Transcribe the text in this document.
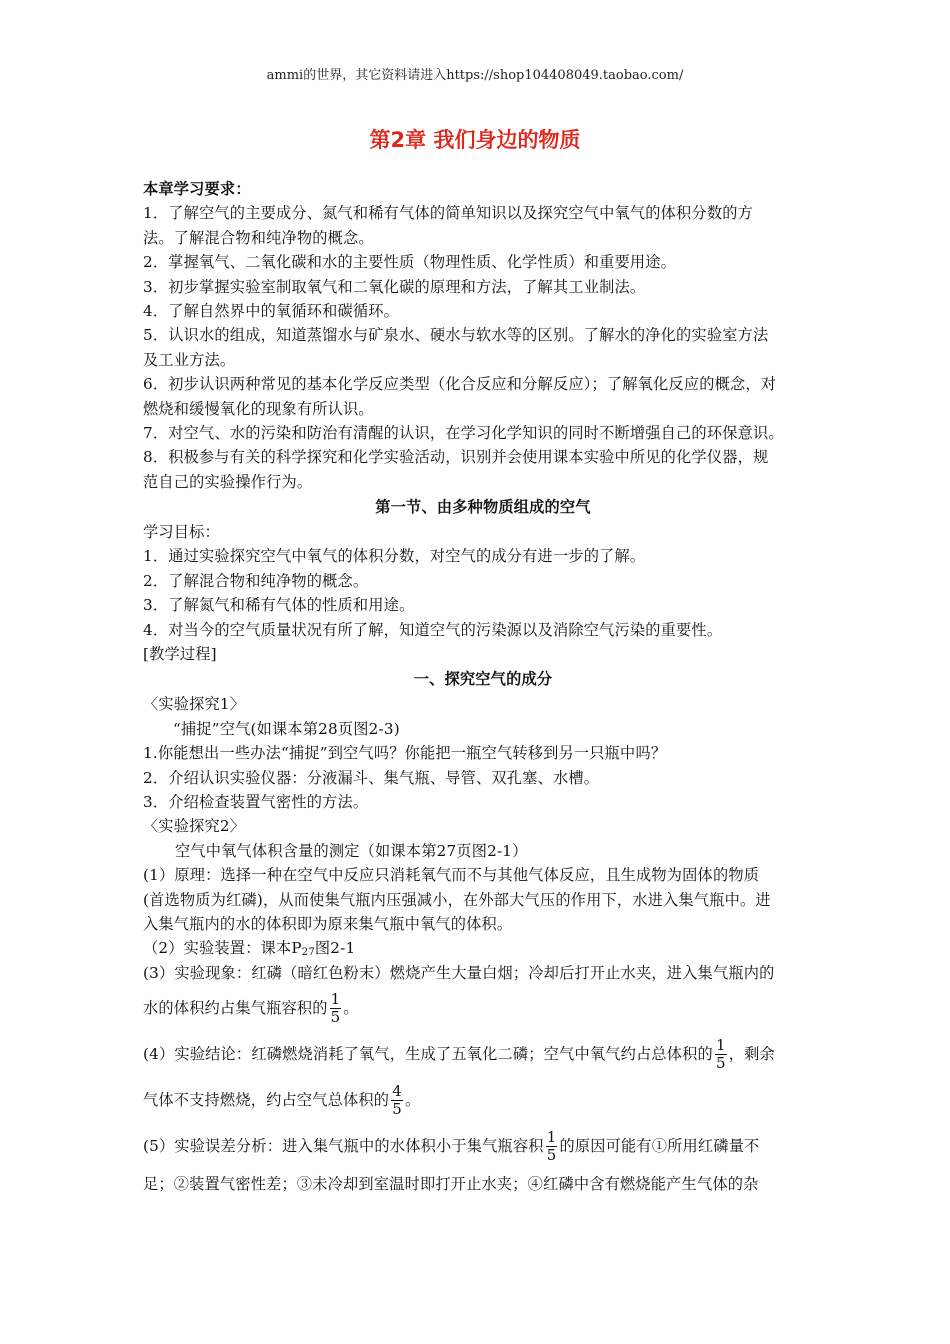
ammi的世界，其它资料请进入https://shop104408049.taobao.com/
第2章 我们身边的物质
本章学习要求：
1．了解空气的主要成分、氮气和稀有气体的简单知识以及探究空气中氧气的体积分数的方
法。了解混合物和纯净物的概念。
2．掌握氧气、二氧化碳和水的主要性质（物理性质、化学性质）和重要用途。
3．初步掌握实验室制取氧气和二氧化碳的原理和方法，了解其工业制法。
4．了解自然界中的氧循环和碳循环。
5．认识水的组成，知道蒸馏水与矿泉水、硬水与软水等的区别。了解水的净化的实验室方法
及工业方法。
6．初步认识两种常见的基本化学反应类型（化合反应和分解反应）；了解氧化反应的概念，对
燃烧和缓慢氧化的现象有所认识。
7．对空气、水的污染和防治有清醒的认识，在学习化学知识的同时不断增强自己的环保意识。
8．积极参与有关的科学探究和化学实验活动，识别并会使用课本实验中所见的化学仪器，规
范自己的实验操作行为。
第一节、由多种物质组成的空气
学习目标：
1．通过实验探究空气中氧气的体积分数，对空气的成分有进一步的了解。
2．了解混合物和纯净物的概念。
3．了解氮气和稀有气体的性质和用途。
4．对当今的空气质量状况有所了解，知道空气的污染源以及消除空气污染的重要性。
[教学过程]
一、探究空气的成分
〈实验探究1〉
“捕捉”空气(如课本第28页图2-3)
1.你能想出一些办法“捕捉”到空气吗？你能把一瓶空气转移到另一只瓶中吗？
2．介绍认识实验仪器：分液漏斗、集气瓶、导管、双孔塞、水槽。
3．介绍检查装置气密性的方法。
〈实验探究2〉
空气中氧气体积含量的测定（如课本第27页图2-1）
(1）原理：选择一种在空气中反应只消耗氧气而不与其他气体反应，且生成物为固体的物质
(首选物质为红磷)，从而使集气瓶内压强减小，在外部大气压的作用下，水进入集气瓶中。进
入集气瓶内的水的体积即为原来集气瓶中氧气的体积。
（2）实验装置：课本$P_{27}$图2-1
(3）实验现象：红磷（暗红色粉末）燃烧产生大量白烟；冷却后打开止水夹，进入集气瓶内的
水的体积约占集气瓶容积的 $\frac{1}{5}$ 。
(4）实验结论：红磷燃烧消耗了氧气，生成了五氧化二磷；空气中氧气约占总体积的 $\frac{1}{5}$ ，剩余
气体不支持燃烧，约占空气总体积的 $\frac{4}{5}$ 。
(5）实验误差分析：进入集气瓶中的水体积小于集气瓶容积 $\frac{1}{5}$ 的原因可能有①所用红磷量不
足；②装置气密性差；③未冷却到室温时即打开止水夹；④红磷中含有燃烧能产生气体的杂
